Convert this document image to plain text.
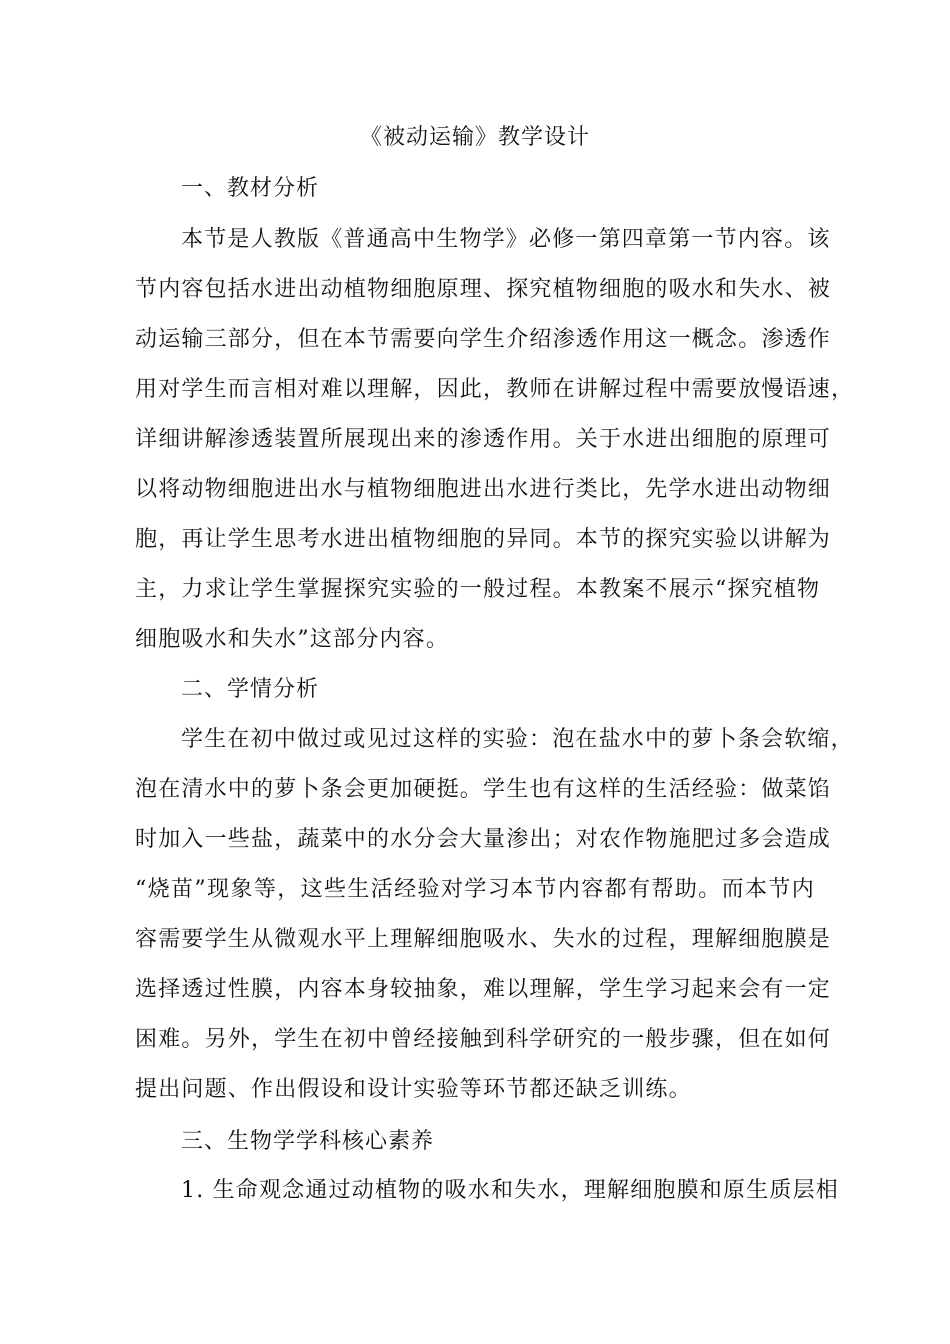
《被动运输》教学设计
一、教材分析
本节是人教版《普通高中生物学》必修一第四章第一节内容。该
节内容包括水进出动植物细胞原理、探究植物细胞的吸水和失水、被
动运输三部分，但在本节需要向学生介绍渗透作用这一概念。渗透作
用对学生而言相对难以理解，因此，教师在讲解过程中需要放慢语速，
详细讲解渗透装置所展现出来的渗透作用。关于水进出细胞的原理可
以将动物细胞进出水与植物细胞进出水进行类比，先学水进出动物细
胞，再让学生思考水进出植物细胞的异同。本节的探究实验以讲解为
主，力求让学生掌握探究实验的一般过程。本教案不展示“探究植物
细胞吸水和失水”这部分内容。
二、学情分析
学生在初中做过或见过这样的实验：泡在盐水中的萝卜条会软缩，
泡在清水中的萝卜条会更加硬挺。学生也有这样的生活经验：做菜馅
时加入一些盐，蔬菜中的水分会大量渗出；对农作物施肥过多会造成
“烧苗”现象等，这些生活经验对学习本节内容都有帮助。而本节内
容需要学生从微观水平上理解细胞吸水、失水的过程，理解细胞膜是
选择透过性膜，内容本身较抽象，难以理解，学生学习起来会有一定
困难。另外，学生在初中曾经接触到科学研究的一般步骤，但在如何
提出问题、作出假设和设计实验等环节都还缺乏训练。
三、生物学学科核心素养
1. 生命观念通过动植物的吸水和失水，理解细胞膜和原生质层相
